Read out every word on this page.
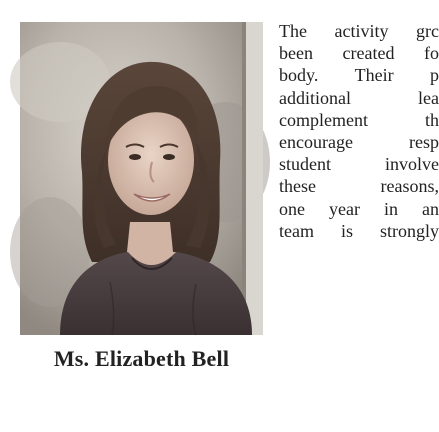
Ms. Elizabeth Bell
The activity grc
been created fo
body. Their p
additional	lea
complement	th
encourage	resp
student	involve
these	reasons,
one year in an
team is strongly
